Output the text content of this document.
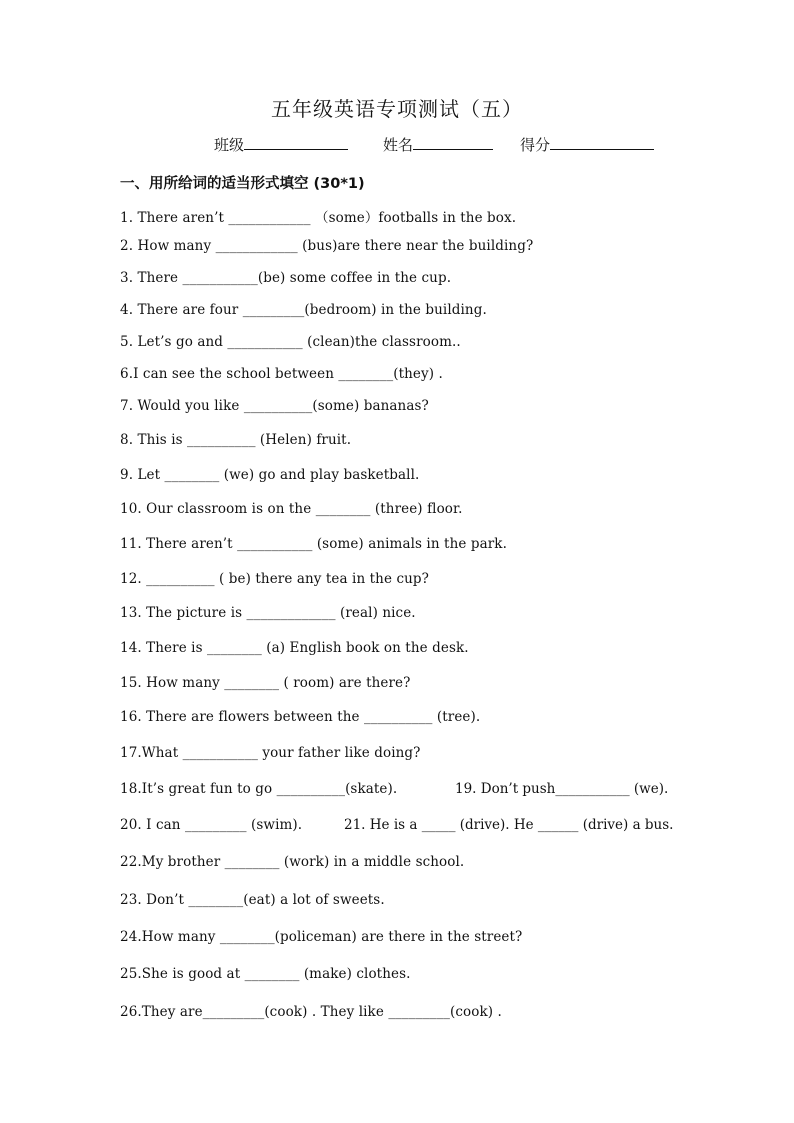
五年级英语专项测试（五）
班级	姓名	得分
一、用所给词的适当形式填空 (30*1)
1. There aren’t ____________ （some）footballs in the box.
2. How many ____________ (bus)are there near the building?
3. There ___________(be) some coffee in the cup.
4. There are four _________(bedroom) in the building.
5. Let’s go and ___________ (clean)the classroom..
6.I can see the school between ________(they) .
7. Would you like __________(some) bananas?
8. This is __________ (Helen) fruit.
9. Let ________ (we) go and play basketball.
10. Our classroom is on the ________ (three) floor.
11. There aren’t ___________ (some) animals in the park.
12. __________ ( be) there any tea in the cup?
13. The picture is _____________ (real) nice.
14. There is ________ (a) English book on the desk.
15. How many ________ ( room) are there?
16. There are flowers between the __________ (tree).
17.What ___________ your father like doing?
18.It’s great fun to go __________(skate).	19. Don’t push___________ (we).
20. I can _________ (swim).	21. He is a _____ (drive). He ______ (drive) a bus.
22.My brother ________ (work) in a middle school.
23. Don’t ________(eat) a lot of sweets.
24.How many ________(policeman) are there in the street?
25.She is good at ________ (make) clothes.
26.They are_________(cook) . They like _________(cook) .
